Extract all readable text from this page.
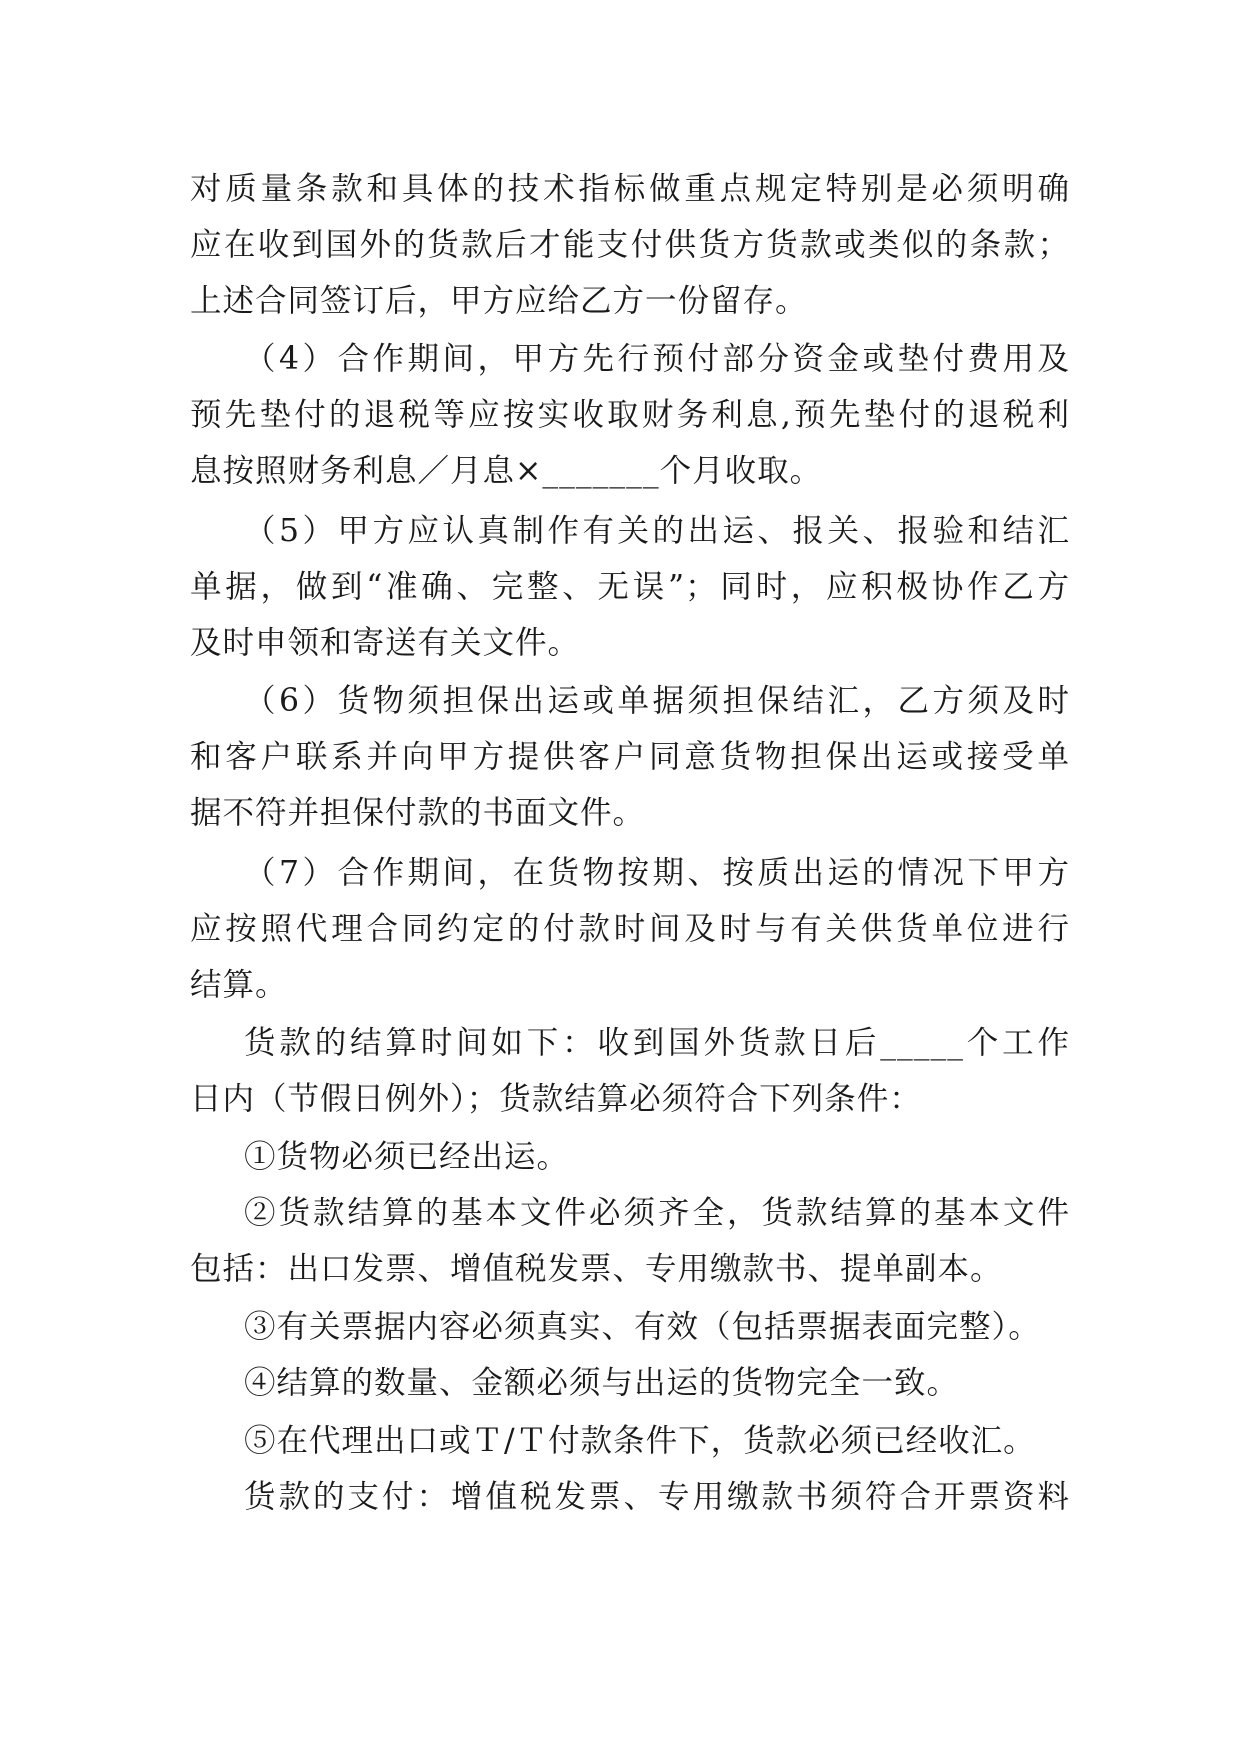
对质量条款和具体的技术指标做重点规定特别是必须明确
应在收到国外的货款后才能支付供货方货款或类似的条款；
上述合同签订后，甲方应给乙方一份留存。
（4）合作期间，甲方先行预付部分资金或垫付费用及
预先垫付的退税等应按实收取财务利息,预先垫付的退税利
息按照财务利息／月息×_______个月收取。
（5）甲方应认真制作有关的出运、报关、报验和结汇
单据，做到“准确、完整、无误”；同时，应积极协作乙方
及时申领和寄送有关文件。
（6）货物须担保出运或单据须担保结汇，乙方须及时
和客户联系并向甲方提供客户同意货物担保出运或接受单
据不符并担保付款的书面文件。
（7）合作期间，在货物按期、按质出运的情况下甲方
应按照代理合同约定的付款时间及时与有关供货单位进行
结算。
货款的结算时间如下：收到国外货款日后_____个工作
日内（节假日例外）；货款结算必须符合下列条件：
①货物必须已经出运。
②货款结算的基本文件必须齐全，货款结算的基本文件
包括：出口发票、增值税发票、专用缴款书、提单副本。
③有关票据内容必须真实、有效（包括票据表面完整）。
④结算的数量、金额必须与出运的货物完全一致。
⑤在代理出口或Ｔ/Ｔ付款条件下，货款必须已经收汇。
货款的支付：增值税发票、专用缴款书须符合开票资料
